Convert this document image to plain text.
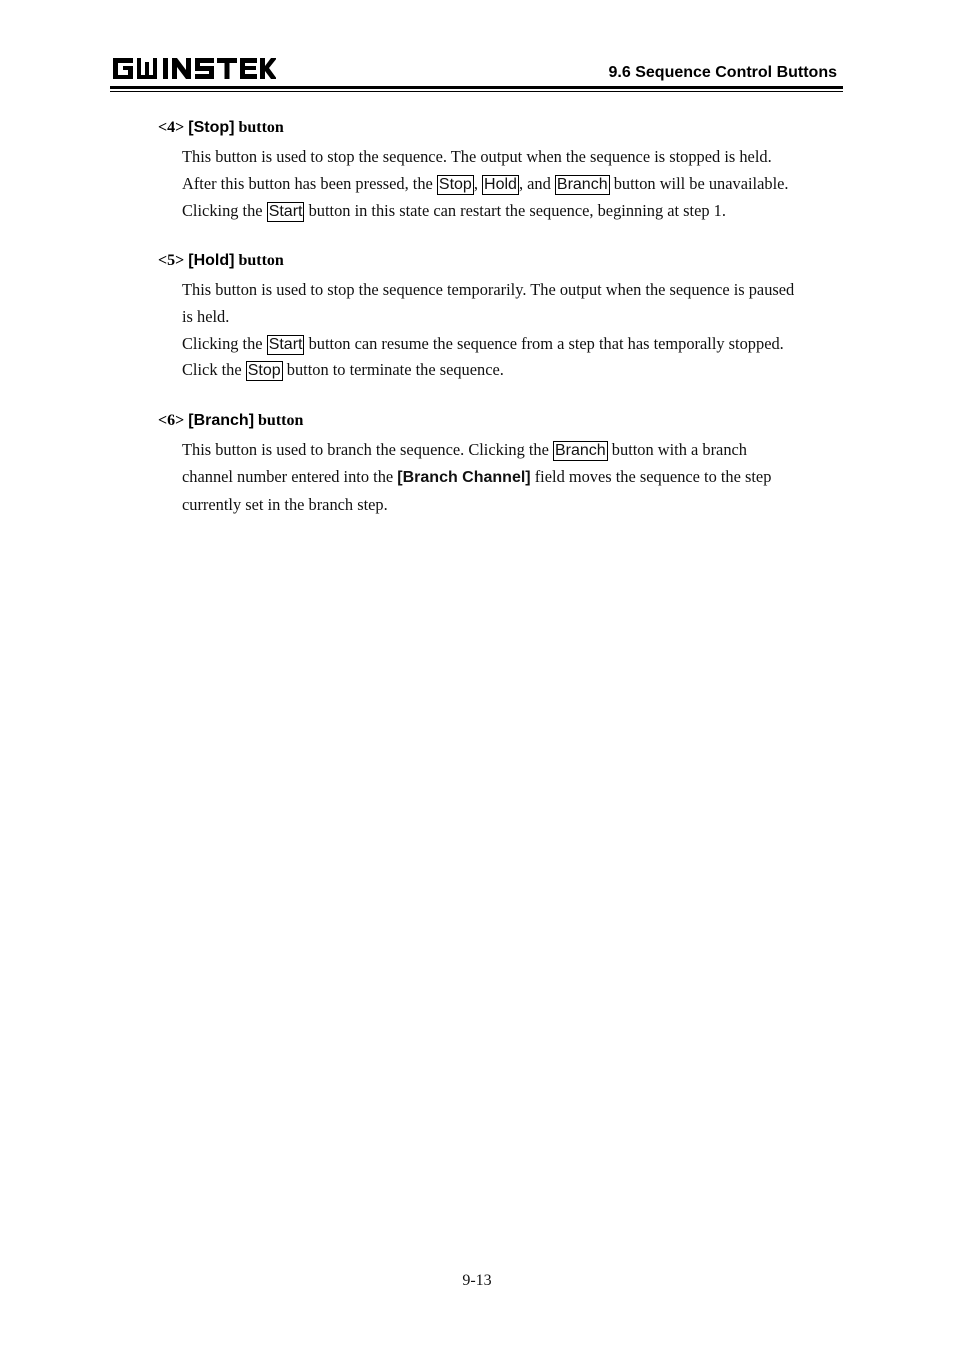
9.6 Sequence Control Buttons
<4> [Stop] button

This button is used to stop the sequence. The output when the sequence is stopped is held.

After this button has been pressed, the Stop , Hold , and Branch button will be unavailable.

Clicking the Start button in this state can restart the sequence, beginning at step 1.

<5> [Hold] button

This button is used to stop the sequence temporarily. The output when the sequence is paused

is held.

Clicking the Start button can resume the sequence from a step that has temporally stopped.

Click the Stop button to terminate the sequence.

<6> [Branch] button

This button is used to branch the sequence. Clicking the Branch button with a branch

channel number entered into the [Branch Channel] field moves the sequence to the step

currently set in the branch step.

9-13
